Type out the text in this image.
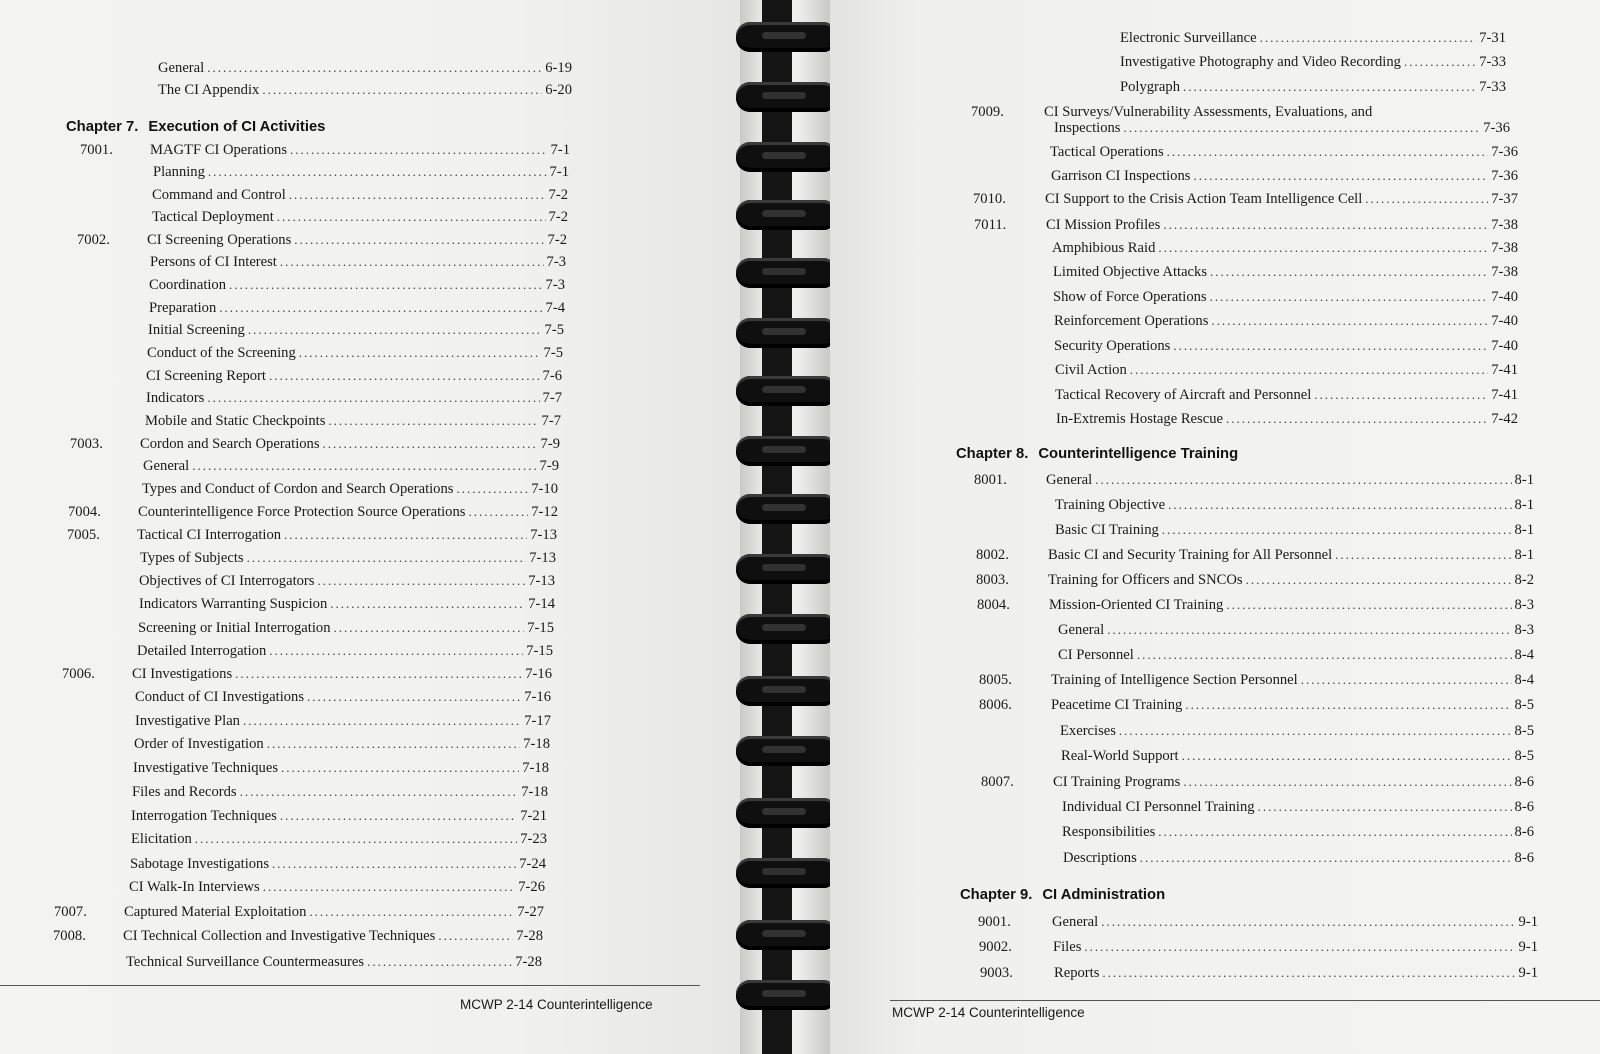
General .....	6-19
The CI Appendix .....	6-20
7001.	MAGTF CI Operations .....	7-1
Planning .....	7-1
Command and Control .....	7-2
Tactical Deployment .....	7-2
7002.	CI Screening Operations .....	7-2
Persons of CI Interest .....	7-3
Coordination .....	7-3
Preparation .....	7-4
Initial Screening .....	7-5
Conduct of the Screening .....	7-5
CI Screening Report .....	7-6
Indicators .....	7-7
Mobile and Static Checkpoints .....	7-7
7003.	Cordon and Search Operations .....	7-9
General .....	7-9
Types and Conduct of Cordon and Search Operations .....	7-10
7004.	Counterintelligence Force Protection Source Operations .....	7-12
7005.	Tactical CI Interrogation .....	7-13
Types of Subjects .....	7-13
Objectives of CI Interrogators .....	7-13
Indicators Warranting Suspicion .....	7-14
Screening or Initial Interrogation .....	7-15
Detailed Interrogation .....	7-15
7006.	CI Investigations .....	7-16
Conduct of CI Investigations .....	7-16
Investigative Plan .....	7-17
Order of Investigation .....	7-18
Investigative Techniques .....	7-18
Files and Records .....	7-18
Interrogation Techniques .....	7-21
Elicitation .....	7-23
Sabotage Investigations .....	7-24
CI Walk-In Interviews .....	7-26
7007.	Captured Material Exploitation .....	7-27
7008.	CI Technical Collection and Investigative Techniques .....	7-28
Technical Surveillance Countermeasures .....	7-28
Chapter 7. Execution of CI Activities
MCWP 2-14 Counterintelligence
Electronic Surveillance .....	7-31
Investigative Photography and Video Recording .....	7-33
Polygraph .....	7-33
7009.	CI Surveys/Vulnerability Assessments, Evaluations, and
Inspections .....	7-36
Tactical Operations .....	7-36
Garrison CI Inspections .....	7-36
7010.	CI Support to the Crisis Action Team Intelligence Cell .....	7-37
7011.	CI Mission Profiles .....	7-38
Amphibious Raid .....	7-38
Limited Objective Attacks .....	7-38
Show of Force Operations .....	7-40
Reinforcement Operations .....	7-40
Security Operations .....	7-40
Civil Action .....	7-41
Tactical Recovery of Aircraft and Personnel .....	7-41
In-Extremis Hostage Rescue .....	7-42
8001.	General .....	8-1
Training Objective .....	8-1
Basic CI Training .....	8-1
8002.	Basic CI and Security Training for All Personnel .....	8-1
8003.	Training for Officers and SNCOs .....	8-2
8004.	Mission-Oriented CI Training .....	8-3
General .....	8-3
CI Personnel .....	8-4
8005.	Training of Intelligence Section Personnel .....	8-4
8006.	Peacetime CI Training .....	8-5
Exercises .....	8-5
Real-World Support .....	8-5
8007.	CI Training Programs .....	8-6
Individual CI Personnel Training .....	8-6
Responsibilities .....	8-6
Descriptions .....	8-6
9001.	General .....	9-1
9002.	Files .....	9-1
9003.	Reports .....	9-1
Chapter 8. Counterintelligence Training
Chapter 9. CI Administration
MCWP 2-14 Counterintelligence
